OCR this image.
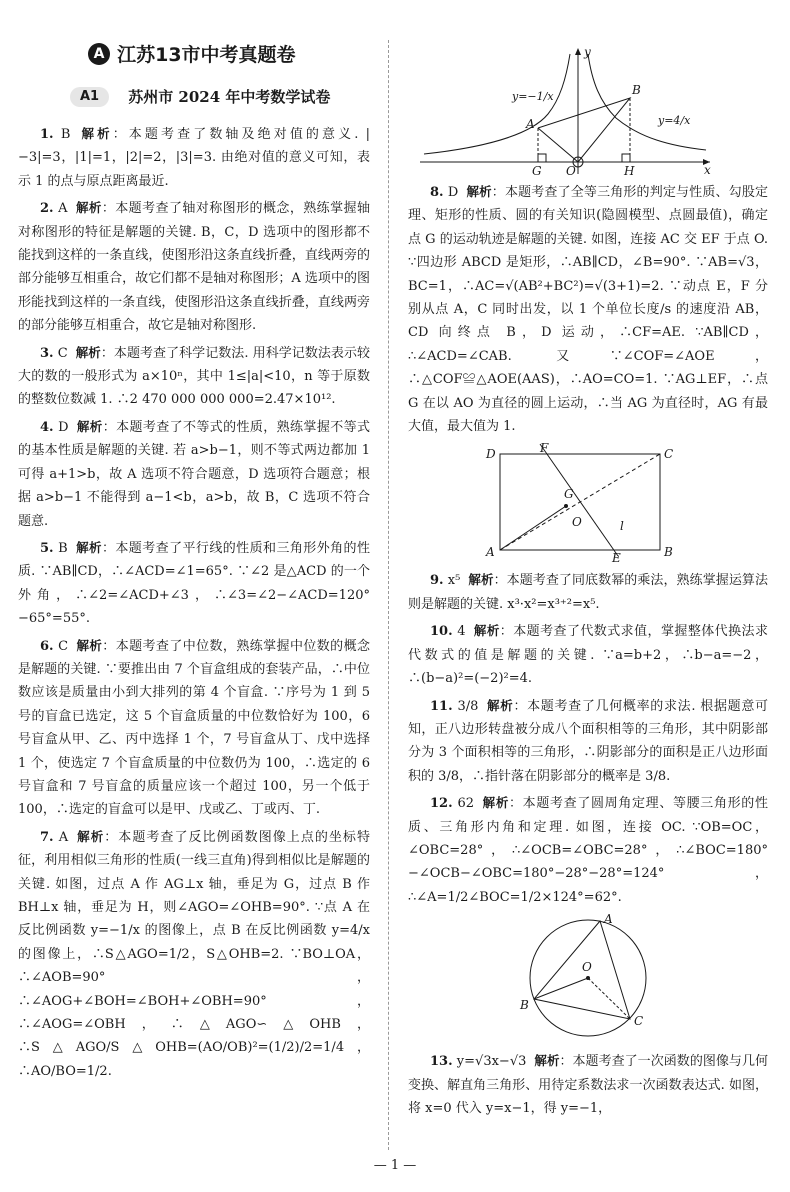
A 江苏13市中考真题卷
A1 苏州市 2024 年中考数学试卷

1. B 解析：本题考查了数轴及绝对值的意义. |−3|=3，|1|=1，|2|=2，|3|=3. 由绝对值的意义可知，表示 1 的点与原点距离最近.

2. A 解析：本题考查了轴对称图形的概念，熟练掌握轴对称图形的特征是解题的关键. B，C，D 选项中的图形都不能找到这样的一条直线，使图形沿这条直线折叠，直线两旁的部分能够互相重合，故它们都不是轴对称图形；A 选项中的图形能找到这样的一条直线，使图形沿这条直线折叠，直线两旁的部分能够互相重合，故它是轴对称图形.

3. C 解析：本题考查了科学记数法. 用科学记数法表示较大的数的一般形式为 a×10ⁿ，其中 1≤|a|<10，n 等于原数的整数位数减 1. ∴2 470 000 000 000=2.47×10¹².

4. D 解析：本题考查了不等式的性质，熟练掌握不等式的基本性质是解题的关键. 若 a>b−1，则不等式两边都加 1 可得 a+1>b，故 A 选项不符合题意，D 选项符合题意；根据 a>b−1 不能得到 a−1<b，a>b，故 B，C 选项不符合题意.

5. B 解析：本题考查了平行线的性质和三角形外角的性质. ∵AB∥CD，∴∠ACD=∠1=65°. ∵∠2 是△ACD 的一个外角，∴∠2=∠ACD+∠3，∴∠3=∠2−∠ACD=120°−65°=55°.

6. C 解析：本题考查了中位数，熟练掌握中位数的概念是解题的关键. ∵要推出由 7 个盲盒组成的套装产品，∴中位数应该是质量由小到大排列的第 4 个盲盒. ∵序号为 1 到 5 号的盲盒已选定，这 5 个盲盒质量的中位数恰好为 100，6 号盲盒从甲、乙、丙中选择 1 个，7 号盲盒从丁、戊中选择 1 个，使选定 7 个盲盒质量的中位数仍为 100，∴选定的 6 号盲盒和 7 号盲盒的质量应该一个超过 100，另一个低于 100，∴选定的盲盒可以是甲、戊或乙、丁或丙、丁.

7. A 解析：本题考查了反比例函数图像上点的坐标特征，利用相似三角形的性质(一线三直角)得到相似比是解题的关键. 如图，过点 A 作 AG⊥x 轴，垂足为 G，过点 B 作 BH⊥x 轴，垂足为 H，则∠AGO=∠OHB=90°. ∵点 A 在反比例函数 y=−1/x 的图像上，点 B 在反比例函数 y=4/x 的图像上，∴S△AGO=1/2，S△OHB=2. ∵BO⊥OA，∴∠AOB=90°，∴∠AOG+∠BOH=∠BOH+∠OBH=90°，∴∠AOG=∠OBH，∴△AGO∽△OHB，∴S△AGO/S△OHB=(AO/OB)²=(1/2)/2=1/4，∴AO/BO=1/2.

y
x
A
B
G O	H
y=−1/x
y=4/x

8. D 解析：本题考查了全等三角形的判定与性质、勾股定理、矩形的性质、圆的有关知识(隐圆模型、点圆最值)，确定点 G 的运动轨迹是解题的关键. 如图，连接 AC 交 EF 于点 O. ∵四边形 ABCD 是矩形，∴AB∥CD，∠B=90°. ∵AB=√3，BC=1，∴AC=√(AB²+BC²)=√(3+1)=2. ∵动点 E，F 分别从点 A，C 同时出发，以 1 个单位长度/s 的速度沿 AB，CD 向终点 B，D 运动，∴CF=AE. ∵AB∥CD，∴∠ACD=∠CAB. 又∵∠COF=∠AOE，∴△COF≌△AOE(AAS)，∴AO=CO=1. ∵AG⊥EF，∴点 G 在以 AO 为直径的圆上运动，∴当 AG 为直径时，AG 有最大值，最大值为 1.

D	F	C
G
O	l
A	E	B

9. x⁵ 解析：本题考查了同底数幂的乘法，熟练掌握运算法则是解题的关键. x³·x²=x³⁺²=x⁵.

10. 4 解析：本题考查了代数式求值，掌握整体代换法求代数式的值是解题的关键. ∵a=b+2，∴b−a=−2，∴(b−a)²=(−2)²=4.

11. 3/8 解析：本题考查了几何概率的求法. 根据题意可知，正八边形转盘被分成八个面积相等的三角形，其中阴影部分为 3 个面积相等的三角形，∴阴影部分的面积是正八边形面积的 3/8，∴指针落在阴影部分的概率是 3/8.

12. 62 解析：本题考查了圆周角定理、等腰三角形的性质、三角形内角和定理. 如图，连接 OC. ∵OB=OC，∠OBC=28°，∴∠OCB=∠OBC=28°，∴∠BOC=180°−∠OCB−∠OBC=180°−28°−28°=124°，∴∠A=1/2∠BOC=1/2×124°=62°.

A
O
B
C

13. y=√3x−√3 解析：本题考查了一次函数的图像与几何变换、解直角三角形、用待定系数法求一次函数表达式. 如图，将 x=0 代入 y=x−1，得 y=−1，

— 1 —
